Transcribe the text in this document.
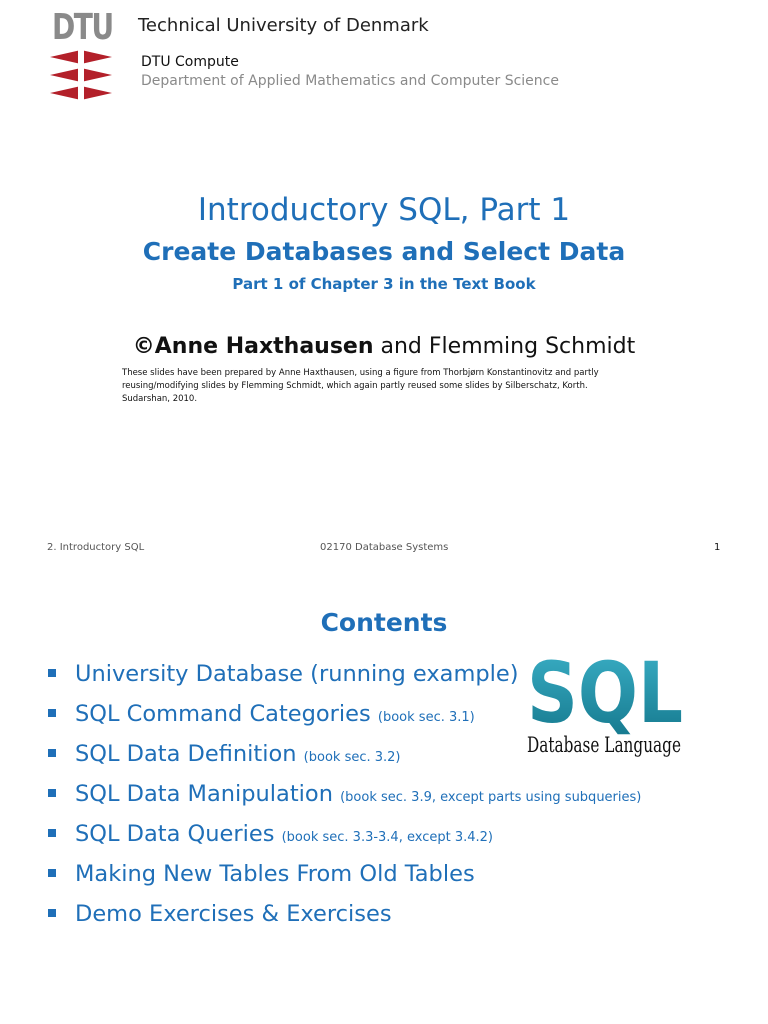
DTU Technical University of Denmark
DTU Compute
Department of Applied Mathematics and Computer Science
Introductory SQL, Part 1
Create Databases and Select Data
Part 1 of Chapter 3 in the Text Book
©Anne Haxthausen and Flemming Schmidt
These slides have been prepared by Anne Haxthausen, using a figure from Thorbjørn Konstantinovitz and partly reusing/modifying slides by Flemming Schmidt, which again partly reused some slides by Silberschatz, Korth. Sudarshan, 2010.
2. Introductory SQL	02170 Database Systems	1
Contents
University Database (running example)
SQL Command Categories (book sec. 3.1)
SQL Data Definition (book sec. 3.2)
SQL Data Manipulation (book sec. 3.9, except parts using subqueries)
SQL Data Queries (book sec. 3.3-3.4, except 3.4.2)
Making New Tables From Old Tables
Demo Exercises & Exercises
SQL
Database Language
